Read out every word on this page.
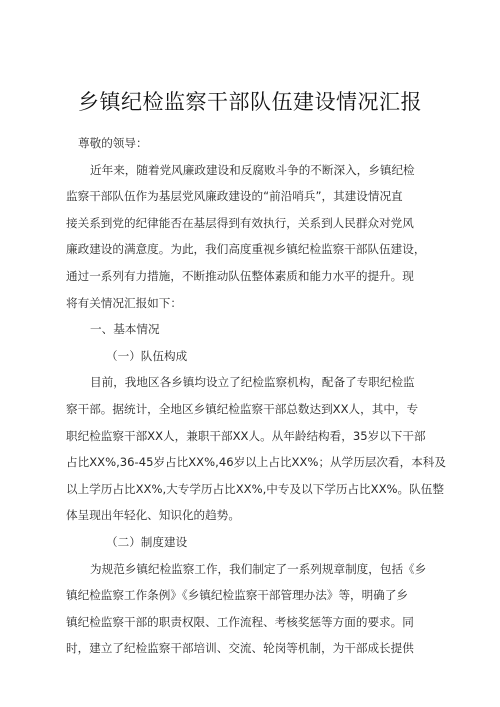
乡镇纪检监察干部队伍建设情况汇报

尊敬的领导：

近年来，随着党风廉政建设和反腐败斗争的不断深入，乡镇纪检

监察干部队伍作为基层党风廉政建设的“前沿哨兵”，其建设情况直

接关系到党的纪律能否在基层得到有效执行，关系到人民群众对党风

廉政建设的满意度。为此，我们高度重视乡镇纪检监察干部队伍建设，

通过一系列有力措施，不断推动队伍整体素质和能力水平的提升。现

将有关情况汇报如下：

一、基本情况

（一）队伍构成

目前，我地区各乡镇均设立了纪检监察机构，配备了专职纪检监

察干部。据统计，全地区乡镇纪检监察干部总数达到XX人，其中，专

职纪检监察干部XX人，兼职干部XX人。从年龄结构看，35岁以下干部

占比XX%,36-45岁占比XX%,46岁以上占比XX%；从学历层次看，本科及

以上学历占比XX%,大专学历占比XX%,中专及以下学历占比XX%。队伍整

体呈现出年轻化、知识化的趋势。

（二）制度建设

为规范乡镇纪检监察工作，我们制定了一系列规章制度，包括《乡

镇纪检监察工作条例》《乡镇纪检监察干部管理办法》等，明确了乡

镇纪检监察干部的职责权限、工作流程、考核奖惩等方面的要求。同

时，建立了纪检监察干部培训、交流、轮岗等机制，为干部成长提供
